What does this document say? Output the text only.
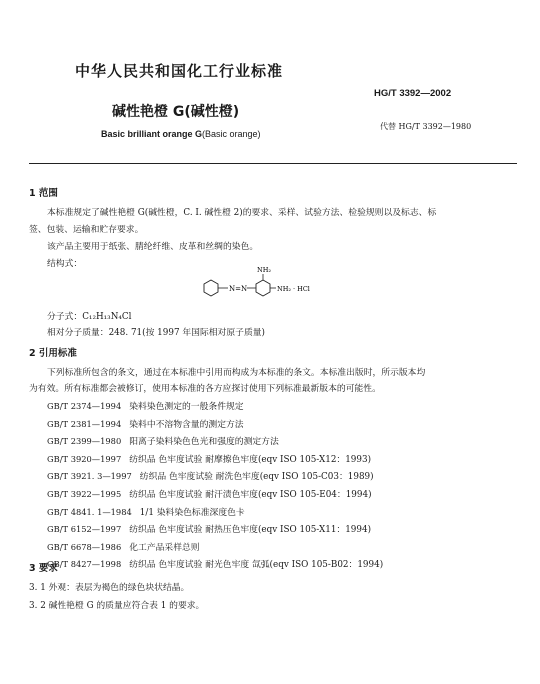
中华人民共和国化工行业标准
HG/T 3392—2002
碱性艳橙 G(碱性橙)
Basic brilliant orange G(Basic orange)
代替 HG/T 3392—1980
1 范围
本标准规定了碱性艳橙 G(碱性橙，C. I. 碱性橙 2)的要求、采样、试验方法、检验规则以及标志、标
签、包装、运输和贮存要求。
该产品主要用于纸张、腈纶纤维、皮革和丝绸的染色。
结构式：
N=N
NH₂
NH₂ · HCl
分子式：C₁₂H₁₃N₄Cl
相对分子质量：248. 71(按 1997 年国际相对原子质量)
2 引用标准
下列标准所包含的条文，通过在本标准中引用而构成为本标准的条文。本标准出版时，所示版本均
为有效。所有标准都会被修订，使用本标准的各方应探讨使用下列标准最新版本的可能性。
GB/T 2374—1994 染料染色测定的一般条件规定
GB/T 2381—1994 染料中不溶物含量的测定方法
GB/T 2399—1980 阳离子染料染色色光和强度的测定方法
GB/T 3920—1997 纺织品 色牢度试验 耐摩擦色牢度(eqv ISO 105-X12：1993)
GB/T 3921. 3—1997 纺织品 色牢度试验 耐洗色牢度(eqv ISO 105-C03：1989)
GB/T 3922—1995 纺织品 色牢度试验 耐汗渍色牢度(eqv ISO 105-E04：1994)
GB/T 4841. 1—1984 1/1 染料染色标准深度色卡
GB/T 6152—1997 纺织品 色牢度试验 耐热压色牢度(eqv ISO 105-X11：1994)
GB/T 6678—1986 化工产品采样总则
GB/T 8427—1998 纺织品 色牢度试验 耐光色牢度 氙弧(eqv ISO 105-B02：1994)
3 要求
3. 1 外观：表层为褐色的绿色块状结晶。
3. 2 碱性艳橙 G 的质量应符合表 1 的要求。
